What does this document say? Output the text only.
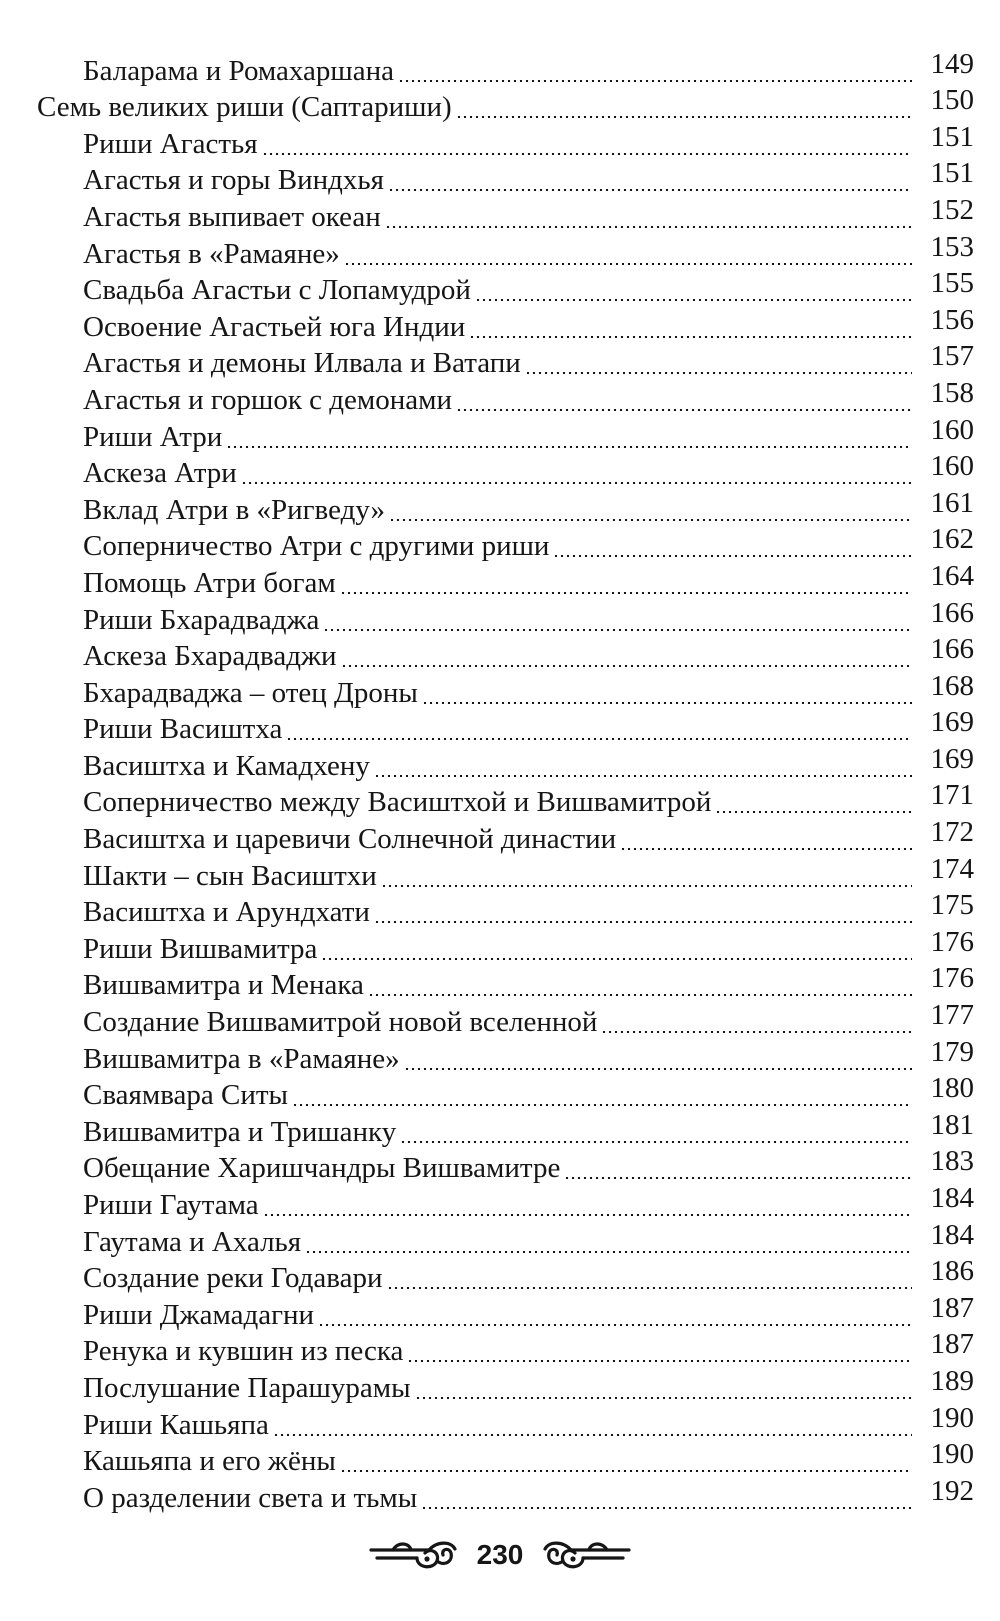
Баларама и Ромахаршана	149
Семь великих риши (Саптариши)	150
Риши Агастья	151
Агастья и горы Виндхья	151
Агастья выпивает океан	152
Агастья в «Рамаяне»	153
Свадьба Агастьи с Лопамудрой	155
Освоение Агастьей юга Индии	156
Агастья и демоны Илвала и Ватапи	157
Агастья и горшок с демонами	158
Риши Атри	160
Аскеза Атри	160
Вклад Атри в «Ригведу»	161
Соперничество Атри с другими риши	162
Помощь Атри богам	164
Риши Бхарадваджа	166
Аскеза Бхарадваджи	166
Бхарадваджа – отец Дроны	168
Риши Васиштха	169
Васиштха и Камадхену	169
Соперничество между Васиштхой и Вишвамитрой	171
Васиштха и царевичи Солнечной династии	172
Шакти – сын Васиштхи	174
Васиштха и Арундхати	175
Риши Вишвамитра	176
Вишвамитра и Менака	176
Создание Вишвамитрой новой вселенной	177
Вишвамитра в «Рамаяне»	179
Сваямвара Ситы	180
Вишвамитра и Тришанку	181
Обещание Харишчандры Вишвамитре	183
Риши Гаутама	184
Гаутама и Ахалья	184
Создание реки Годавари	186
Риши Джамадагни	187
Ренука и кувшин из песка	187
Послушание Парашурамы	189
Риши Кашьяпа	190
Кашьяпа и его жёны	190
О разделении света и тьмы	192
230
